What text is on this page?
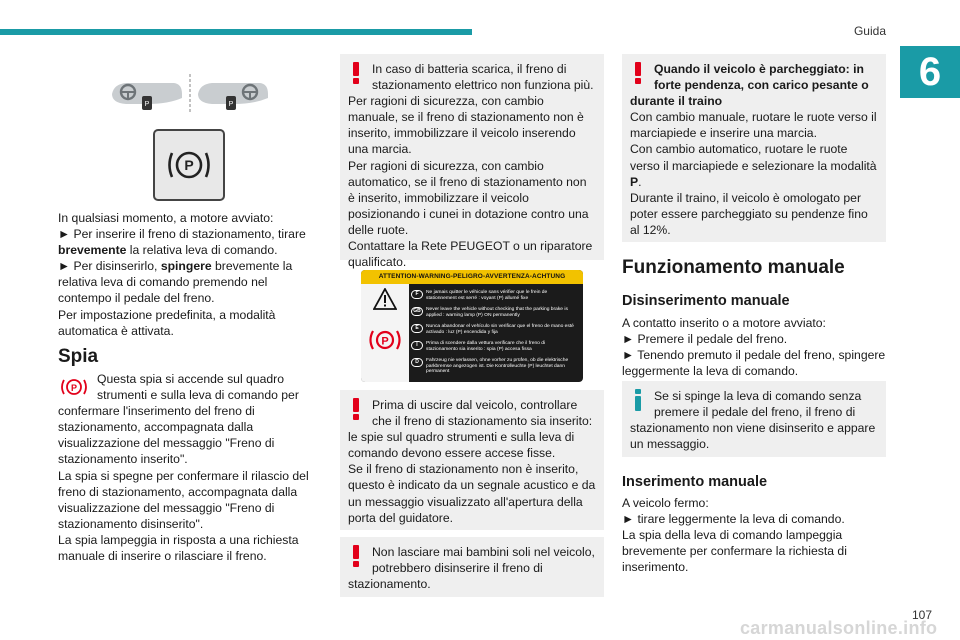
Guida
6
107
carmanualsonline.info
P	P
P

In qualsiasi momento, a motore avviato:

► Per inserire il freno di stazionamento, tirare brevemente la relativa leva di comando.

► Per disinserirlo, spingere brevemente la relativa leva di comando premendo nel contempo il pedale del freno.

Per impostazione predefinita, a modalità automatica è attivata.

Spia
P

Questa spia si accende sul quadro strumenti e sulla leva di comando per
confermare l'inserimento del freno di stazionamento, accompagnata dalla visualizzazione del messaggio "Freno di stazionamento inserito".

La spia si spegne per confermare il rilascio del freno di stazionamento, accompagnata dalla visualizzazione del messaggio "Freno di stazionamento disinserito".

La spia lampeggia in risposta a una richiesta manuale di inserire o rilasciare il freno.

In caso di batteria scarica, il freno di stazionamento elettrico non funziona più.

Per ragioni di sicurezza, con cambio manuale, se il freno di stazionamento non è inserito, immobilizzare il veicolo inserendo una marcia.

Per ragioni di sicurezza, con cambio automatico, se il freno di stazionamento non è inserito, immobilizzare il veicolo posizionando i cunei in dotazione contro una delle ruote.

Contattare la Rete PEUGEOT o un riparatore qualificato.

ATTENTION-WARNING-PELIGRO-AVVERTENZA-ACHTUNG
P
F	Ne jamais quitter le véhicule sans vérifier que le frein de stationnement est serré : voyant (P) allumé fixe
GB	Never leave the vehicle without checking that the parking brake is applied : warning lamp (P) ON permanently
E	Nunca abandonar el vehículo sin verificar que el freno de mano esté activado : luz (P) encendida y fija
I	Prima di scendere dalla vettura verificare che il freno di stazionamento sia inserito : spia (P) accesa fissa
D	Fahrzeug nie verlassen, ohne vorher zu prüfen, ob die elektrische parkbremse angezogen ist. Die Kontrolleuchte (P) leuchtet dann permanent

Prima di uscire dal veicolo, controllare che il freno di stazionamento sia inserito:
le spie sul quadro strumenti e sulla leva di comando devono essere accese fisse.

Se il freno di stazionamento non è inserito, questo è indicato da un segnale acustico e da un messaggio visualizzato all'apertura della porta del guidatore.

Non lasciare mai bambini soli nel veicolo, potrebbero disinserire il freno di
stazionamento.

Quando il veicolo è parcheggiato: in forte pendenza, con carico pesante o
durante il traino

Con cambio manuale, ruotare le ruote verso il marciapiede e inserire una marcia.

Con cambio automatico, ruotare le ruote verso il marciapiede e selezionare la modalità P.

Durante il traino, il veicolo è omologato per poter essere parcheggiato su pendenze fino al 12%.

Funzionamento manuale
Disinserimento manuale

A contatto inserito o a motore avviato:

► Premere il pedale del freno.

► Tenendo premuto il pedale del freno, spingere leggermente la leva di comando.

Se si spinge la leva di comando senza premere il pedale del freno, il freno di
stazionamento non viene disinserito e appare un messaggio.

Inserimento manuale

A veicolo fermo:

► tirare leggermente la leva di comando.

La spia della leva di comando lampeggia brevemente per confermare la richiesta di inserimento.
